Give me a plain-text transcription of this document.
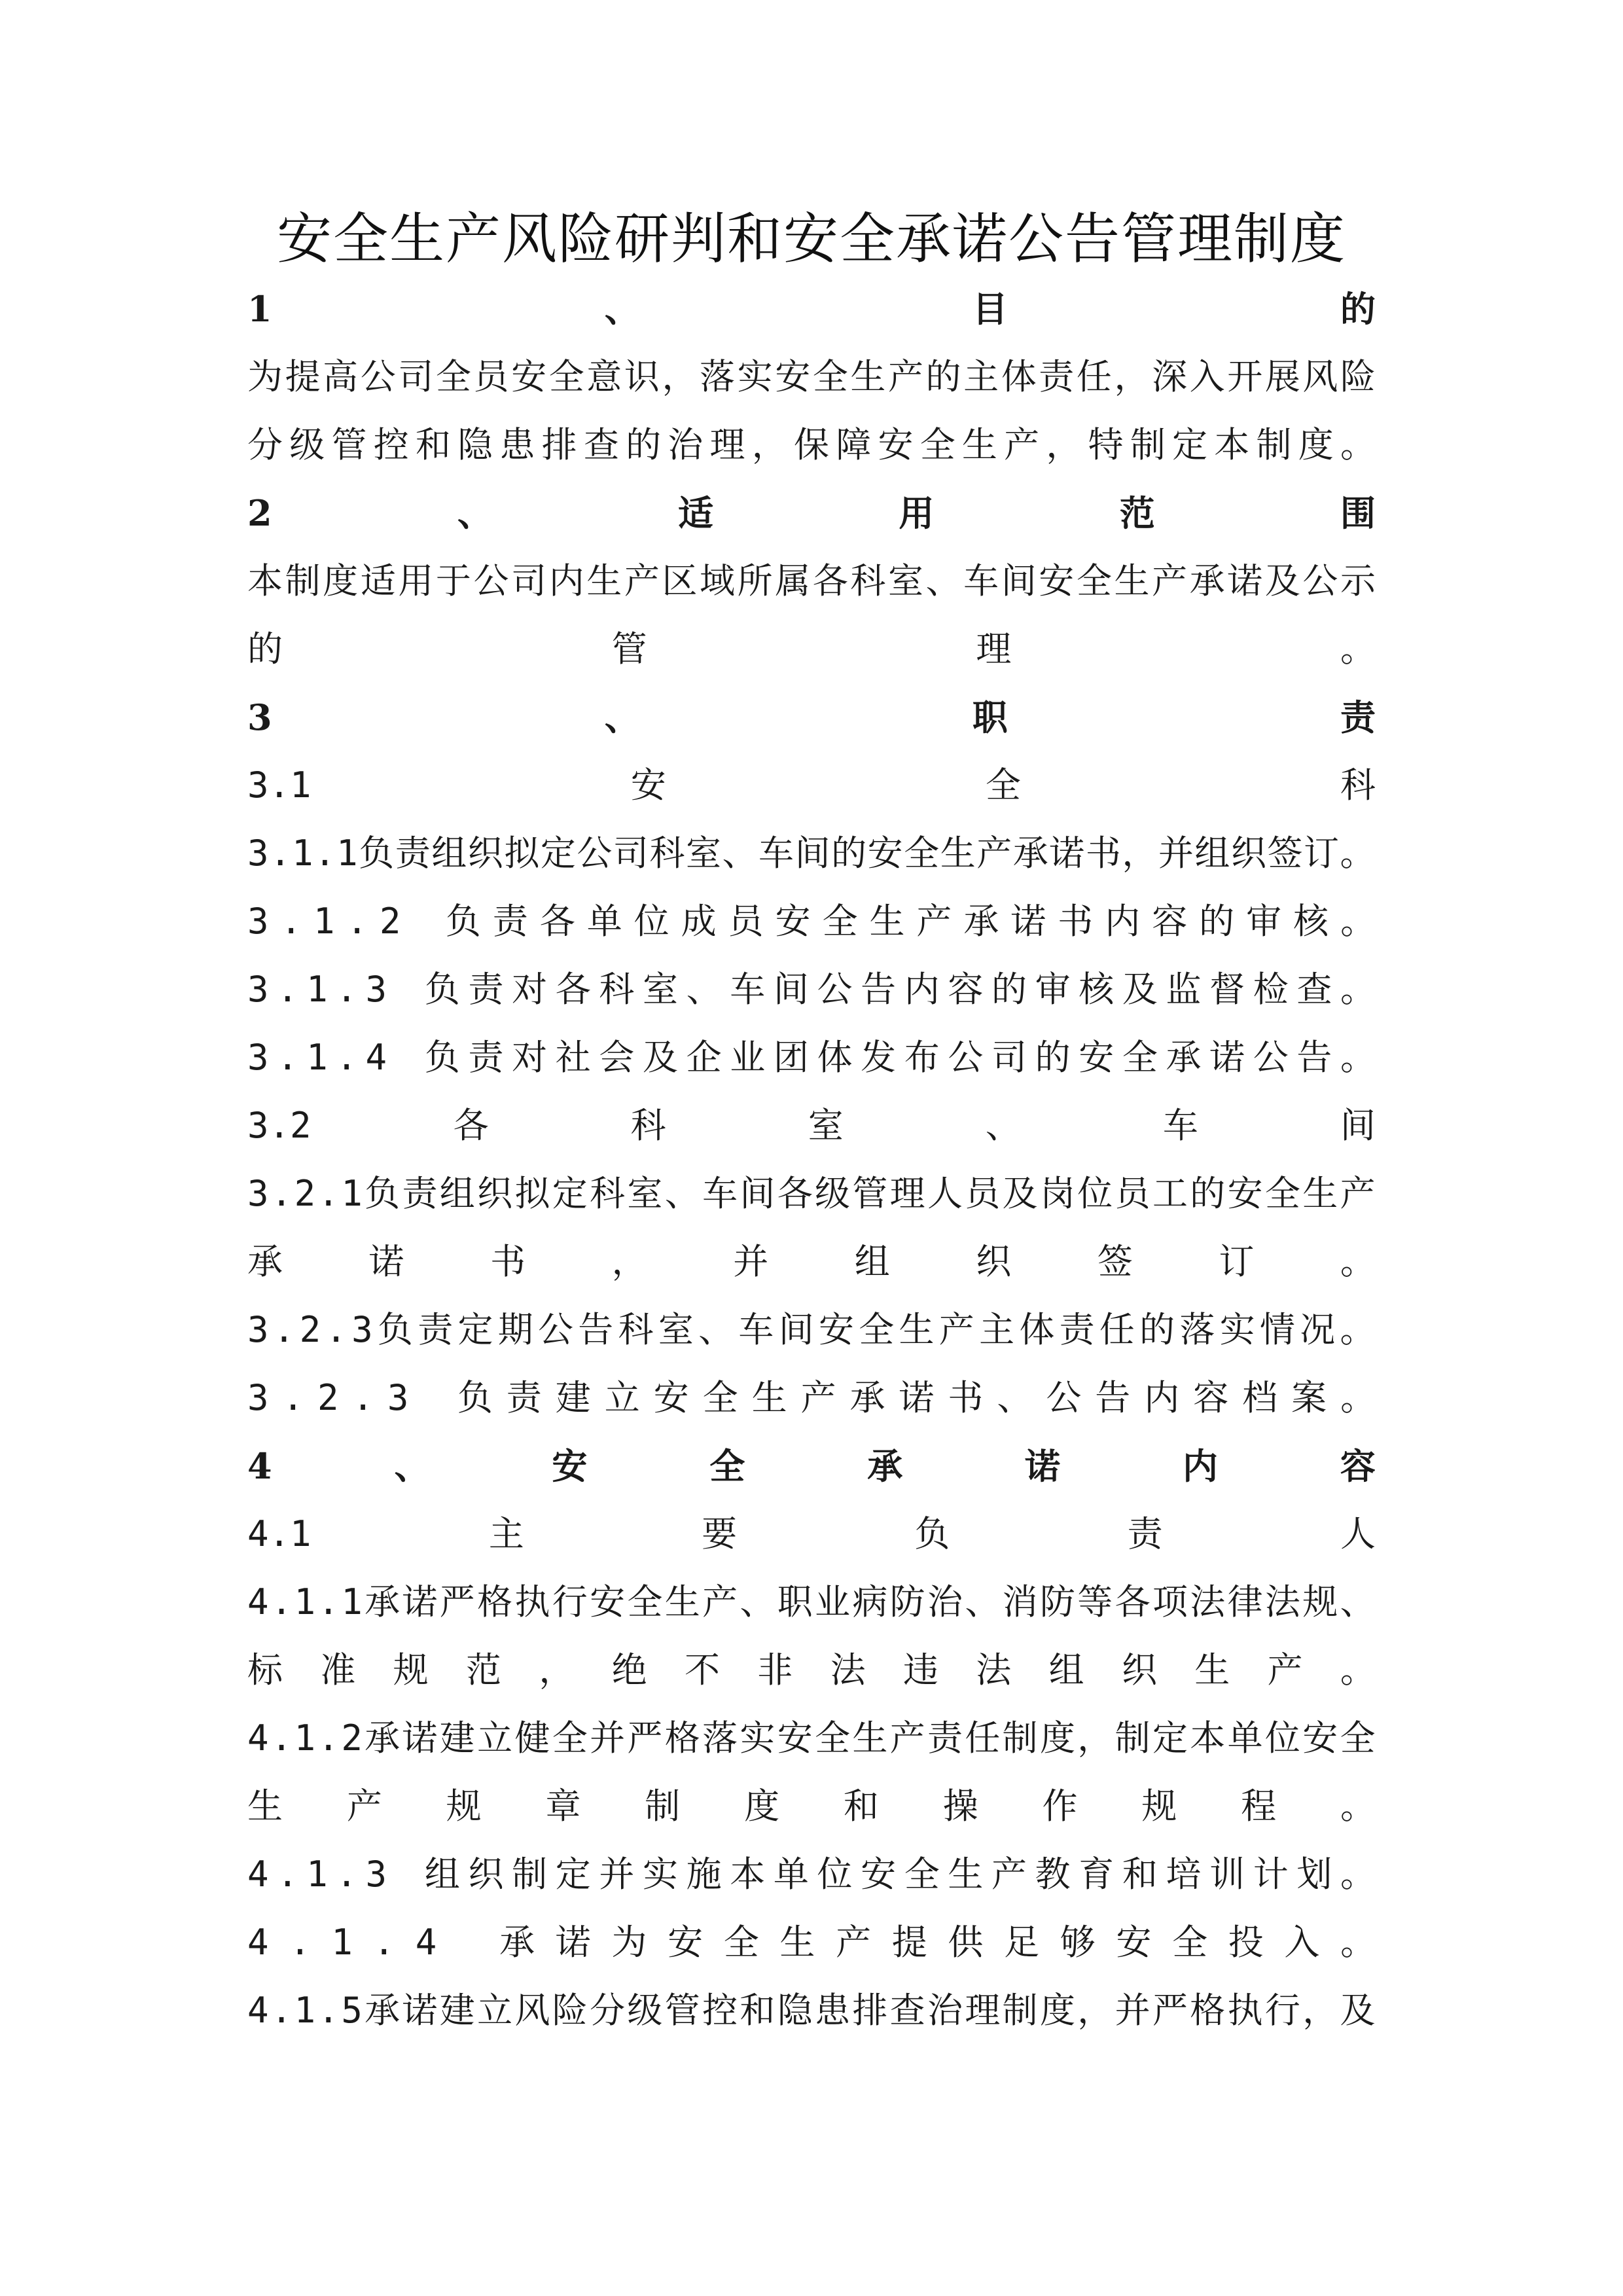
安全生产风险研判和安全承诺公告管理制度
1	、	目	的
为提高公司全员安全意识，落实安全生产的主体责任，深入开展风险
分级管控和隐患排查的治理，保障安全生产，特制定本制度。
2	、	适	用	范	围
本制度适用于公司内生产区域所属各科室、车间安全生产承诺及公示
的	管	理	。
3	、	职	责
3.1	安	全	科
3.1.1负责组织拟定公司科室、车间的安全生产承诺书，并组织签订。
3.1.2 负责各单位成员安全生产承诺书内容的审核。
3.1.3 负责对各科室、车间公告内容的审核及监督检查。
3.1.4 负责对社会及企业团体发布公司的安全承诺公告。
3.2	各	科	室	、	车	间
3.2.1负责组织拟定科室、车间各级管理人员及岗位员工的安全生产
承 诺 书 ， 并 组 织 签 订 。
3.2.3负责定期公告科室、车间安全生产主体责任的落实情况。
3.2.3 负责建立安全生产承诺书、公告内容档案。
4	、	安	全	承	诺	内	容
4.1	主	要	负	责	人
4.1.1承诺严格执行安全生产、职业病防治、消防等各项法律法规、
标 准 规 范 ， 绝 不 非 法 违 法 组 织 生 产 。
4.1.2承诺建立健全并严格落实安全生产责任制度，制定本单位安全
生 产 规 章 制 度 和 操 作 规 程 。
4.1.3 组织制定并实施本单位安全生产教育和培训计划。
4.1.4 承诺为安全生产提供足够安全投入。
4.1.5承诺建立风险分级管控和隐患排查治理制度，并严格执行，及
